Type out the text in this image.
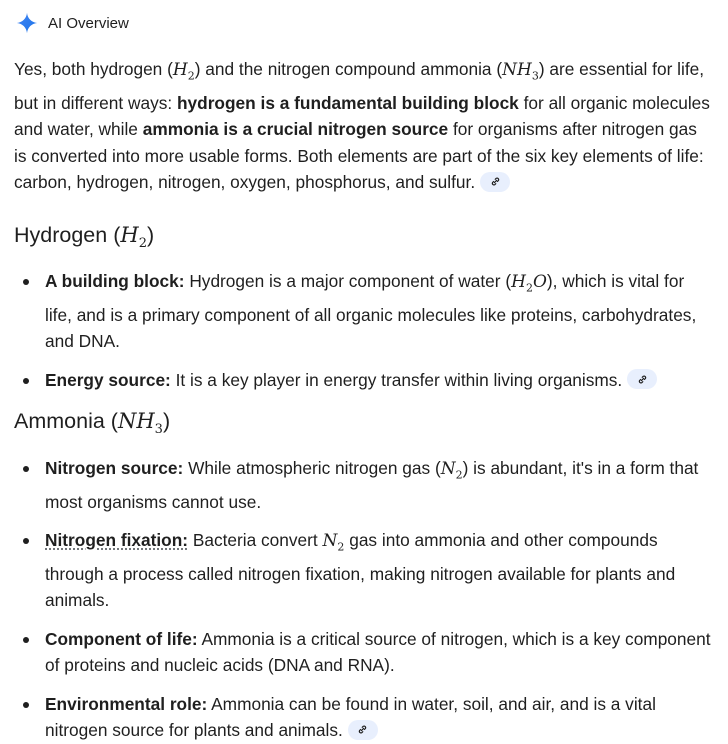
AI Overview

Yes, both hydrogen $(H_2)$ and the nitrogen compound ammonia $(NH_3)$ are essential for life, but in different ways: hydrogen is a fundamental building block for all organic molecules and water, while ammonia is a crucial nitrogen source for organisms after nitrogen gas is converted into more usable forms. Both elements are part of the six key elements of life: carbon, hydrogen, nitrogen, oxygen, phosphorus, and sulfur.

Hydrogen $(H_2)$
A building block: Hydrogen is a major component of water $(H_2O)$, which is vital for life, and is a primary component of all organic molecules like proteins, carbohydrates, and DNA.
Energy source: It is a key player in energy transfer within living organisms.
Ammonia $(NH_3)$
Nitrogen source: While atmospheric nitrogen gas $(N_2)$ is abundant, it's in a form that most organisms cannot use.
Nitrogen fixation: Bacteria convert $N_2$ gas into ammonia and other compounds through a process called nitrogen fixation, making nitrogen available for plants and animals.
Component of life: Ammonia is a critical source of nitrogen, which is a key component of proteins and nucleic acids (DNA and RNA).
Environmental role: Ammonia can be found in water, soil, and air, and is a vital nitrogen source for plants and animals.
